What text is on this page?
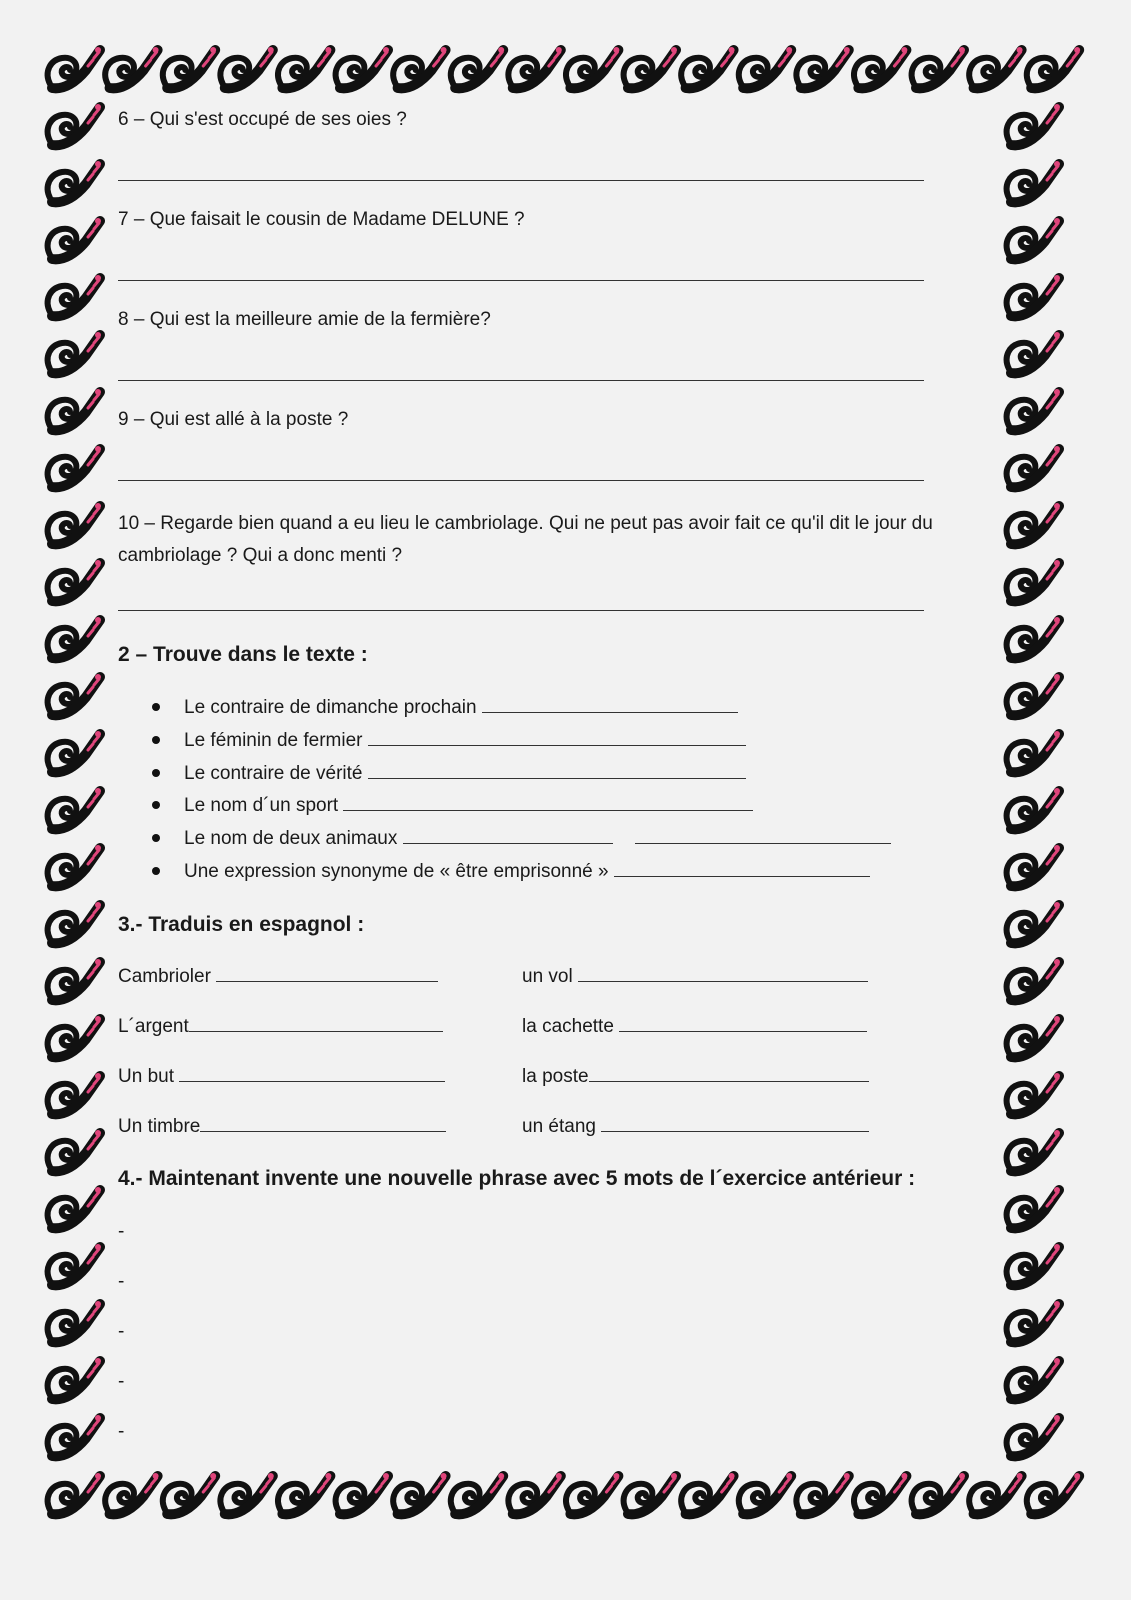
6 – Qui s'est occupé de ses oies ?
7 – Que faisait le cousin de Madame DELUNE ?
8 – Qui est la meilleure amie de la fermière?
9 – Qui est allé à la poste ?
10 – Regarde bien quand a eu lieu le cambriolage. Qui ne peut pas avoir fait ce qu'il dit le jour du cambriolage ? Qui a donc menti ?
2 – Trouve dans le texte :
Le contraire de dimanche prochain
Le féminin de fermier
Le contraire de vérité
Le nom d´un sport
Le nom de deux animaux
Une expression synonyme de « être emprisonné »
3.- Traduis en espagnol :
Cambrioler
L´argent
Un but
Un timbre
un vol
la cachette
la poste
un étang
4.- Maintenant invente une nouvelle phrase avec 5 mots de l´exercice antérieur :
-
-
-
-
-
